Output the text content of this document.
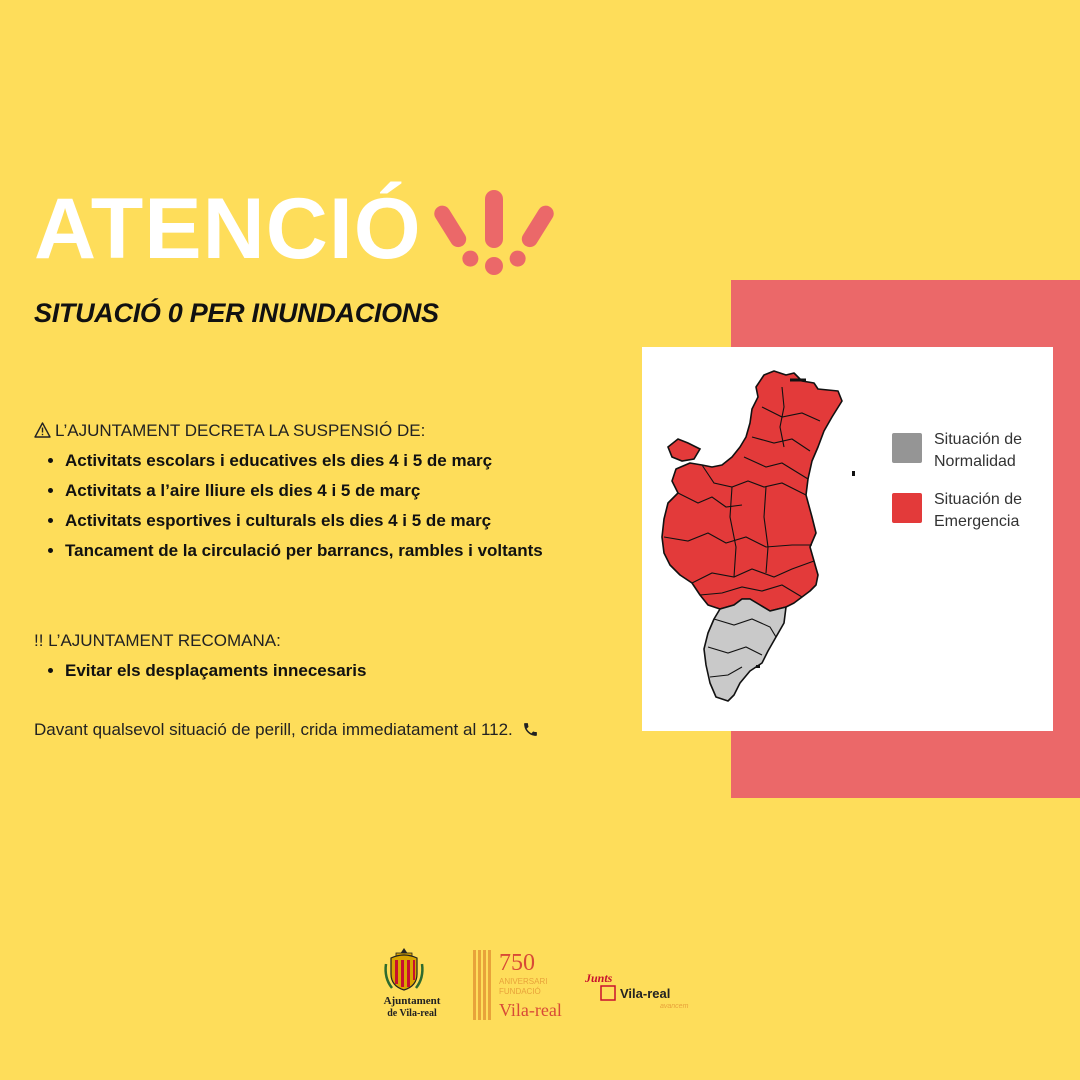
ATENCIÓ
SITUACIÓ 0 PER INUNDACIONS
L’AJUNTAMENT DECRETA LA SUSPENSIÓ DE:
• Activitats escolars i educatives els dies 4 i 5 de març
• Activitats a l’aire lliure els dies 4 i 5 de març
• Activitats esportives i culturals els dies 4 i 5 de març
• Tancament de la circulació per barrancs, rambles i voltants
!! L’AJUNTAMENT RECOMANA:
• Evitar els desplaçaments innecesaris
Davant qualsevol situació de perill, crida immediatament al 112.
Situación de
Normalidad
Situación de
Emergencia
Ajuntament
de Vila-real
750
ANIVERSARI
FUNDACIÓ
Vila-real
Junts
Vila-real
avancem
